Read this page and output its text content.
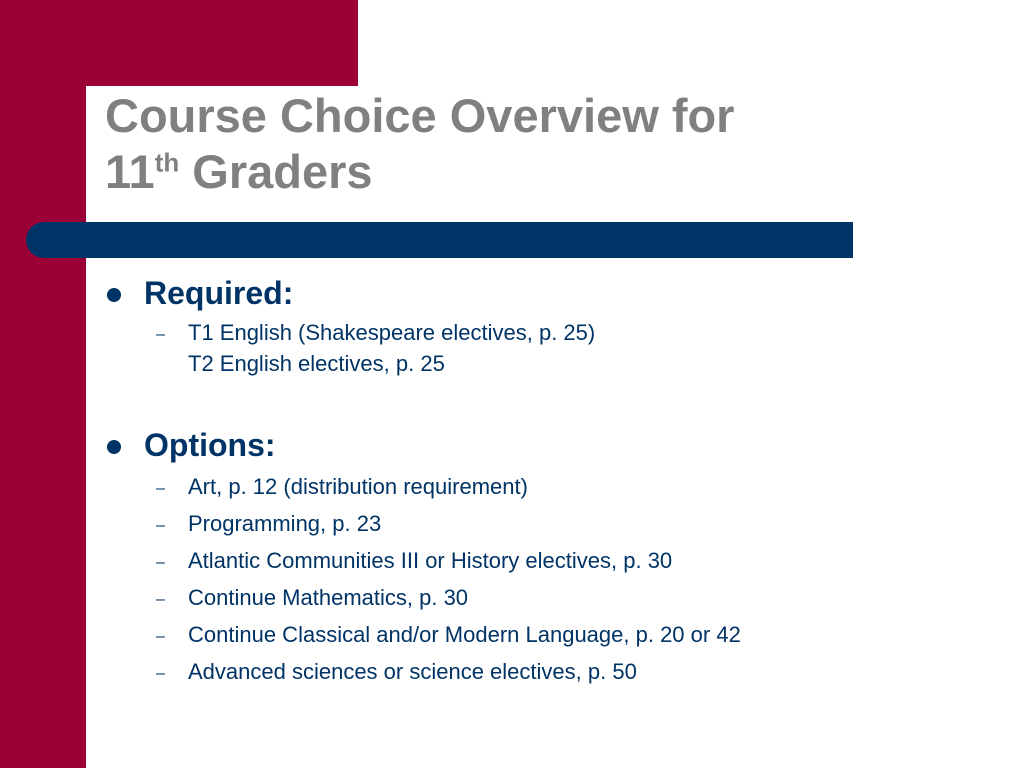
Course Choice Overview for
11th Graders
Required:
– T1 English (Shakespeare electives, p. 25)
T2 English electives, p. 25
Options:
– Art, p. 12 (distribution requirement)
– Programming, p. 23
– Atlantic Communities III or History electives, p. 30
– Continue Mathematics, p. 30
– Continue Classical and/or Modern Language, p. 20 or 42
– Advanced sciences or science electives, p. 50
